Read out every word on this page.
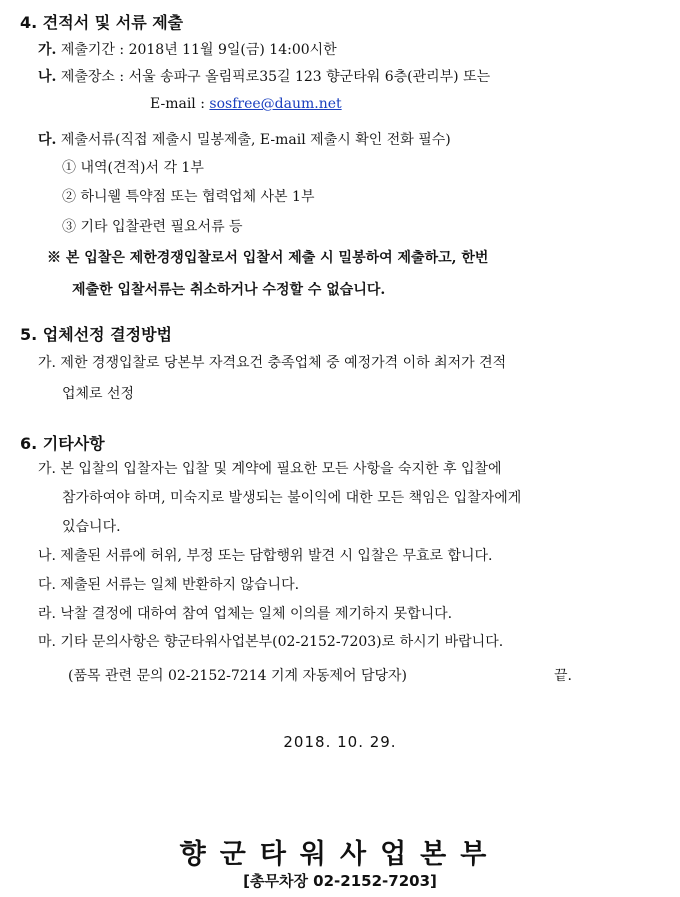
4. 견적서 및 서류 제출
가. 제출기간 : 2018년 11월 9일(금) 14:00시한
나. 제출장소 : 서울 송파구 올림픽로35길 123 향군타워 6층(관리부) 또는
E-mail : sosfree@daum.net
다. 제출서류(직접 제출시 밀봉제출, E-mail 제출시 확인 전화 필수)
① 내역(견적)서 각 1부
② 하니웰 특약점 또는 협력업체 사본 1부
③ 기타 입찰관련 필요서류 등
※ 본 입찰은 제한경쟁입찰로서 입찰서 제출 시 밀봉하여 제출하고, 한번
제출한 입찰서류는 취소하거나 수정할 수 없습니다.
5. 업체선정 결정방법
가. 제한 경쟁입찰로 당본부 자격요건 충족업체 중 예정가격 이하 최저가 견적
업체로 선정
6. 기타사항
가. 본 입찰의 입찰자는 입찰 및 계약에 필요한 모든 사항을 숙지한 후 입찰에
참가하여야 하며, 미숙지로 발생되는 불이익에 대한 모든 책임은 입찰자에게
있습니다.
나. 제출된 서류에 허위, 부정 또는 담합행위 발견 시 입찰은 무효로 합니다.
다. 제출된 서류는 일체 반환하지 않습니다.
라. 낙찰 결정에 대하여 참여 업체는 일체 이의를 제기하지 못합니다.
마. 기타 문의사항은 향군타워사업본부(02-2152-7203)로 하시기 바랍니다.
(품목 관련 문의 02-2152-7214 기계 자동제어 담당자)	끝.
2018. 10. 29.
향군타워사업본부
[총무차장 02-2152-7203]
